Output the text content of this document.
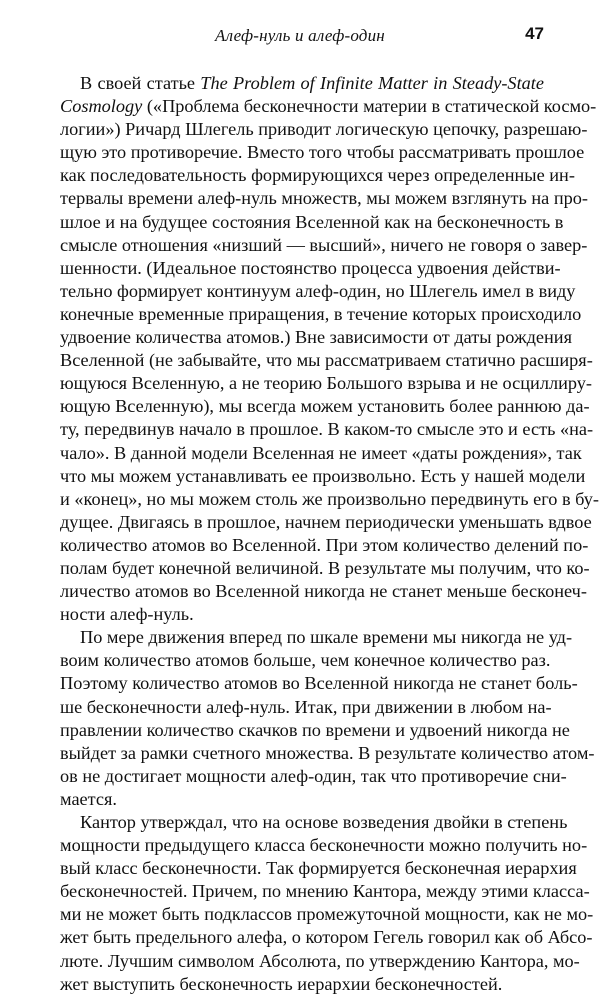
Алеф-нуль и алеф-один	47
В своей статье The Problem of Infinite Matter in Steady-State
Cosmology («Проблема бесконечности материи в статической космо-
логии») Ричард Шлегель приводит логическую цепочку, разрешаю-
щую это противоречие. Вместо того чтобы рассматривать прошлое
как последовательность формирующихся через определенные ин-
тервалы времени алеф-нуль множеств, мы можем взглянуть на про-
шлое и на будущее состояния Вселенной как на бесконечность в
смысле отношения «низший — высший», ничего не говоря о завер-
шенности. (Идеальное постоянство процесса удвоения действи-
тельно формирует континуум алеф-один, но Шлегель имел в виду
конечные временные приращения, в течение которых происходило
удвоение количества атомов.) Вне зависимости от даты рождения
Вселенной (не забывайте, что мы рассматриваем статично расширя-
ющуюся Вселенную, а не теорию Большого взрыва и не осциллиру-
ющую Вселенную), мы всегда можем установить более раннюю да-
ту, передвинув начало в прошлое. В каком-то смысле это и есть «на-
чало». В данной модели Вселенная не имеет «даты рождения», так
что мы можем устанавливать ее произвольно. Есть у нашей модели
и «конец», но мы можем столь же произвольно передвинуть его в бу-
дущее. Двигаясь в прошлое, начнем периодически уменьшать вдвое
количество атомов во Вселенной. При этом количество делений по-
полам будет конечной величиной. В результате мы получим, что ко-
личество атомов во Вселенной никогда не станет меньше бесконеч-
ности алеф-нуль.
По мере движения вперед по шкале времени мы никогда не уд-
воим количество атомов больше, чем конечное количество раз.
Поэтому количество атомов во Вселенной никогда не станет боль-
ше бесконечности алеф-нуль. Итак, при движении в любом на-
правлении количество скачков по времени и удвоений никогда не
выйдет за рамки счетного множества. В результате количество атом-
ов не достигает мощности алеф-один, так что противоречие сни-
мается.
Кантор утверждал, что на основе возведения двойки в степень
мощности предыдущего класса бесконечности можно получить но-
вый класс бесконечности. Так формируется бесконечная иерархия
бесконечностей. Причем, по мнению Кантора, между этими класса-
ми не может быть подклассов промежуточной мощности, как не мо-
жет быть предельного алефа, о котором Гегель говорил как об Абсо-
люте. Лучшим символом Абсолюта, по утверждению Кантора, мо-
жет выступить бесконечность иерархии бесконечностей.
